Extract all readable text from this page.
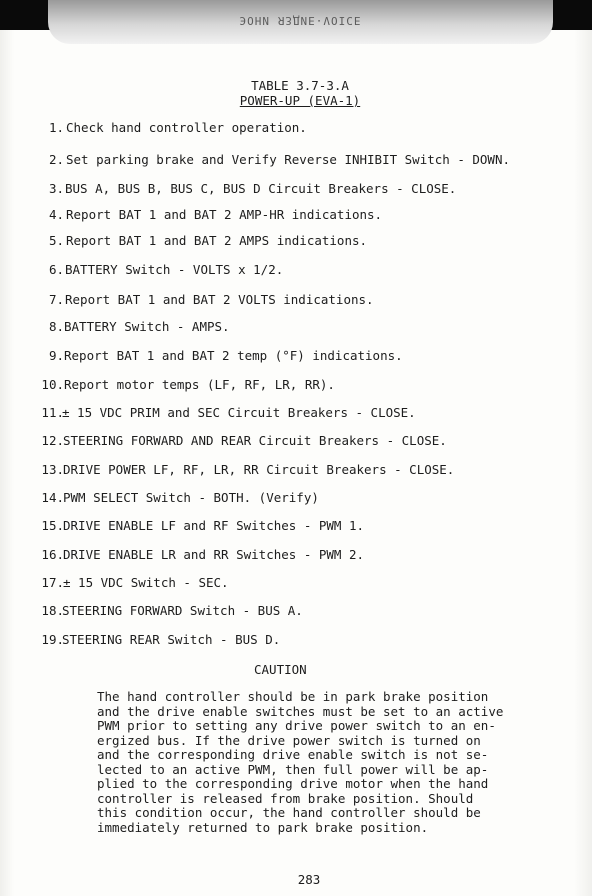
ЭОНИ ЯЗДИЕ·VOICE
TABLE 3.7-3.A
POWER-UP (EVA-1)
1. Check hand controller operation.
2. Set parking brake and Verify Reverse INHIBIT Switch - DOWN.
3. BUS A, BUS B, BUS C, BUS D Circuit Breakers - CLOSE.
4. Report BAT 1 and BAT 2 AMP-HR indications.
5. Report BAT 1 and BAT 2 AMPS indications.
6. BATTERY Switch - VOLTS x 1/2.
7. Report BAT 1 and BAT 2 VOLTS indications.
8. BATTERY Switch - AMPS.
9. Report BAT 1 and BAT 2 temp (°F) indications.
10. Report motor temps (LF, RF, LR, RR).
11.
± 15 VDC PRIM and SEC Circuit Breakers - CLOSE.
12. STEERING FORWARD AND REAR Circuit Breakers - CLOSE.
13. DRIVE POWER LF, RF, LR, RR Circuit Breakers - CLOSE.
14. PWM SELECT Switch - BOTH. (Verify)
15. DRIVE ENABLE LF and RF Switches - PWM 1.
16. DRIVE ENABLE LR and RR Switches - PWM 2.
17. ± 15 VDC Switch - SEC.
18.
STEERING FORWARD Switch - BUS A.
19.
STEERING REAR Switch - BUS D.
CAUTION
The hand controller should be in park brake position
and the drive enable switches must be set to an active
PWM prior to setting any drive power switch to an en-
ergized bus. If the drive power switch is turned on
and the corresponding drive enable switch is not se-
lected to an active PWM, then full power will be ap-
plied to the corresponding drive motor when the hand
controller is released from brake position. Should
this condition occur, the hand controller should be
immediately returned to park brake position.
283
